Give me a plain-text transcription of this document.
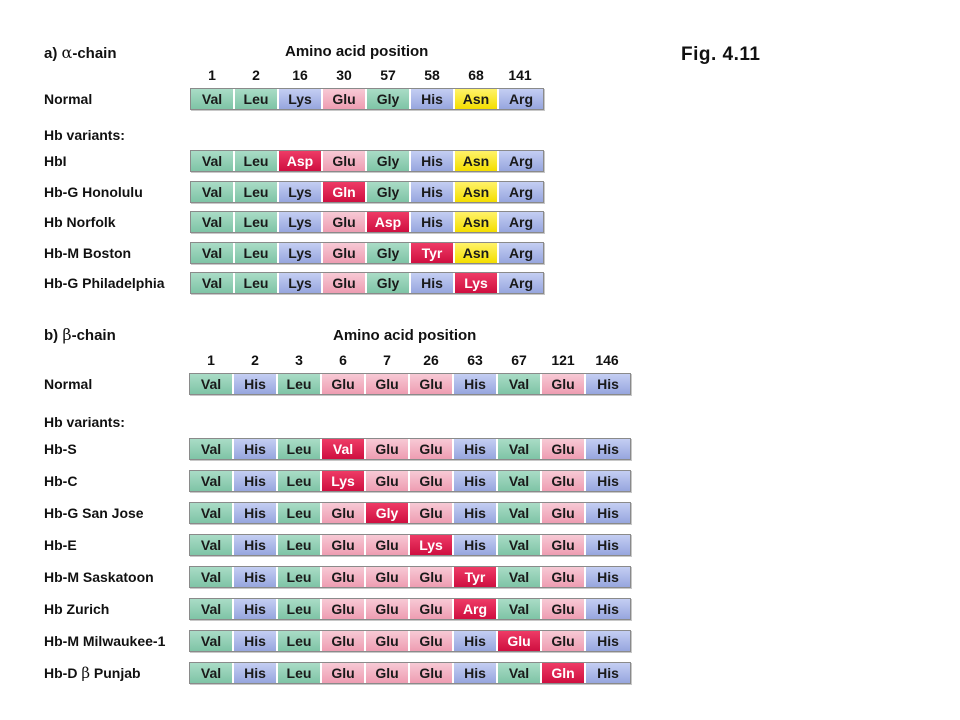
Fig. 4.11
a) α-chain	Amino acid position
1	2	16	30	57	58	68	141
Normal	Val	Leu	Lys	Glu	Gly	His	Asn	Arg
Hb variants:
HbI	Val	Leu	Asp	Glu	Gly	His	Asn	Arg
Hb-G Honolulu	Val	Leu	Lys	Gln	Gly	His	Asn	Arg
Hb Norfolk	Val	Leu	Lys	Glu	Asp	His	Asn	Arg
Hb-M Boston	Val	Leu	Lys	Glu	Gly	Tyr	Asn	Arg
Hb-G Philadelphia	Val	Leu	Lys	Glu	Gly	His	Lys	Arg
b) β-chain	Amino acid position
1	2	3	6	7	26	63	67	121	146
Normal	Val	His	Leu	Glu	Glu	Glu	His	Val	Glu	His
Hb variants:
Hb-S	Val	His	Leu	Val	Glu	Glu	His	Val	Glu	His
Hb-C	Val	His	Leu	Lys	Glu	Glu	His	Val	Glu	His
Hb-G San Jose	Val	His	Leu	Glu	Gly	Glu	His	Val	Glu	His
Hb-E	Val	His	Leu	Glu	Glu	Lys	His	Val	Glu	His
Hb-M Saskatoon	Val	His	Leu	Glu	Glu	Glu	Tyr	Val	Glu	His
Hb Zurich	Val	His	Leu	Glu	Glu	Glu	Arg	Val	Glu	His
Hb-M Milwaukee-1	Val	His	Leu	Glu	Glu	Glu	His	Glu	Glu	His
Hb-D β Punjab	Val	His	Leu	Glu	Glu	Glu	His	Val	Gln	His
